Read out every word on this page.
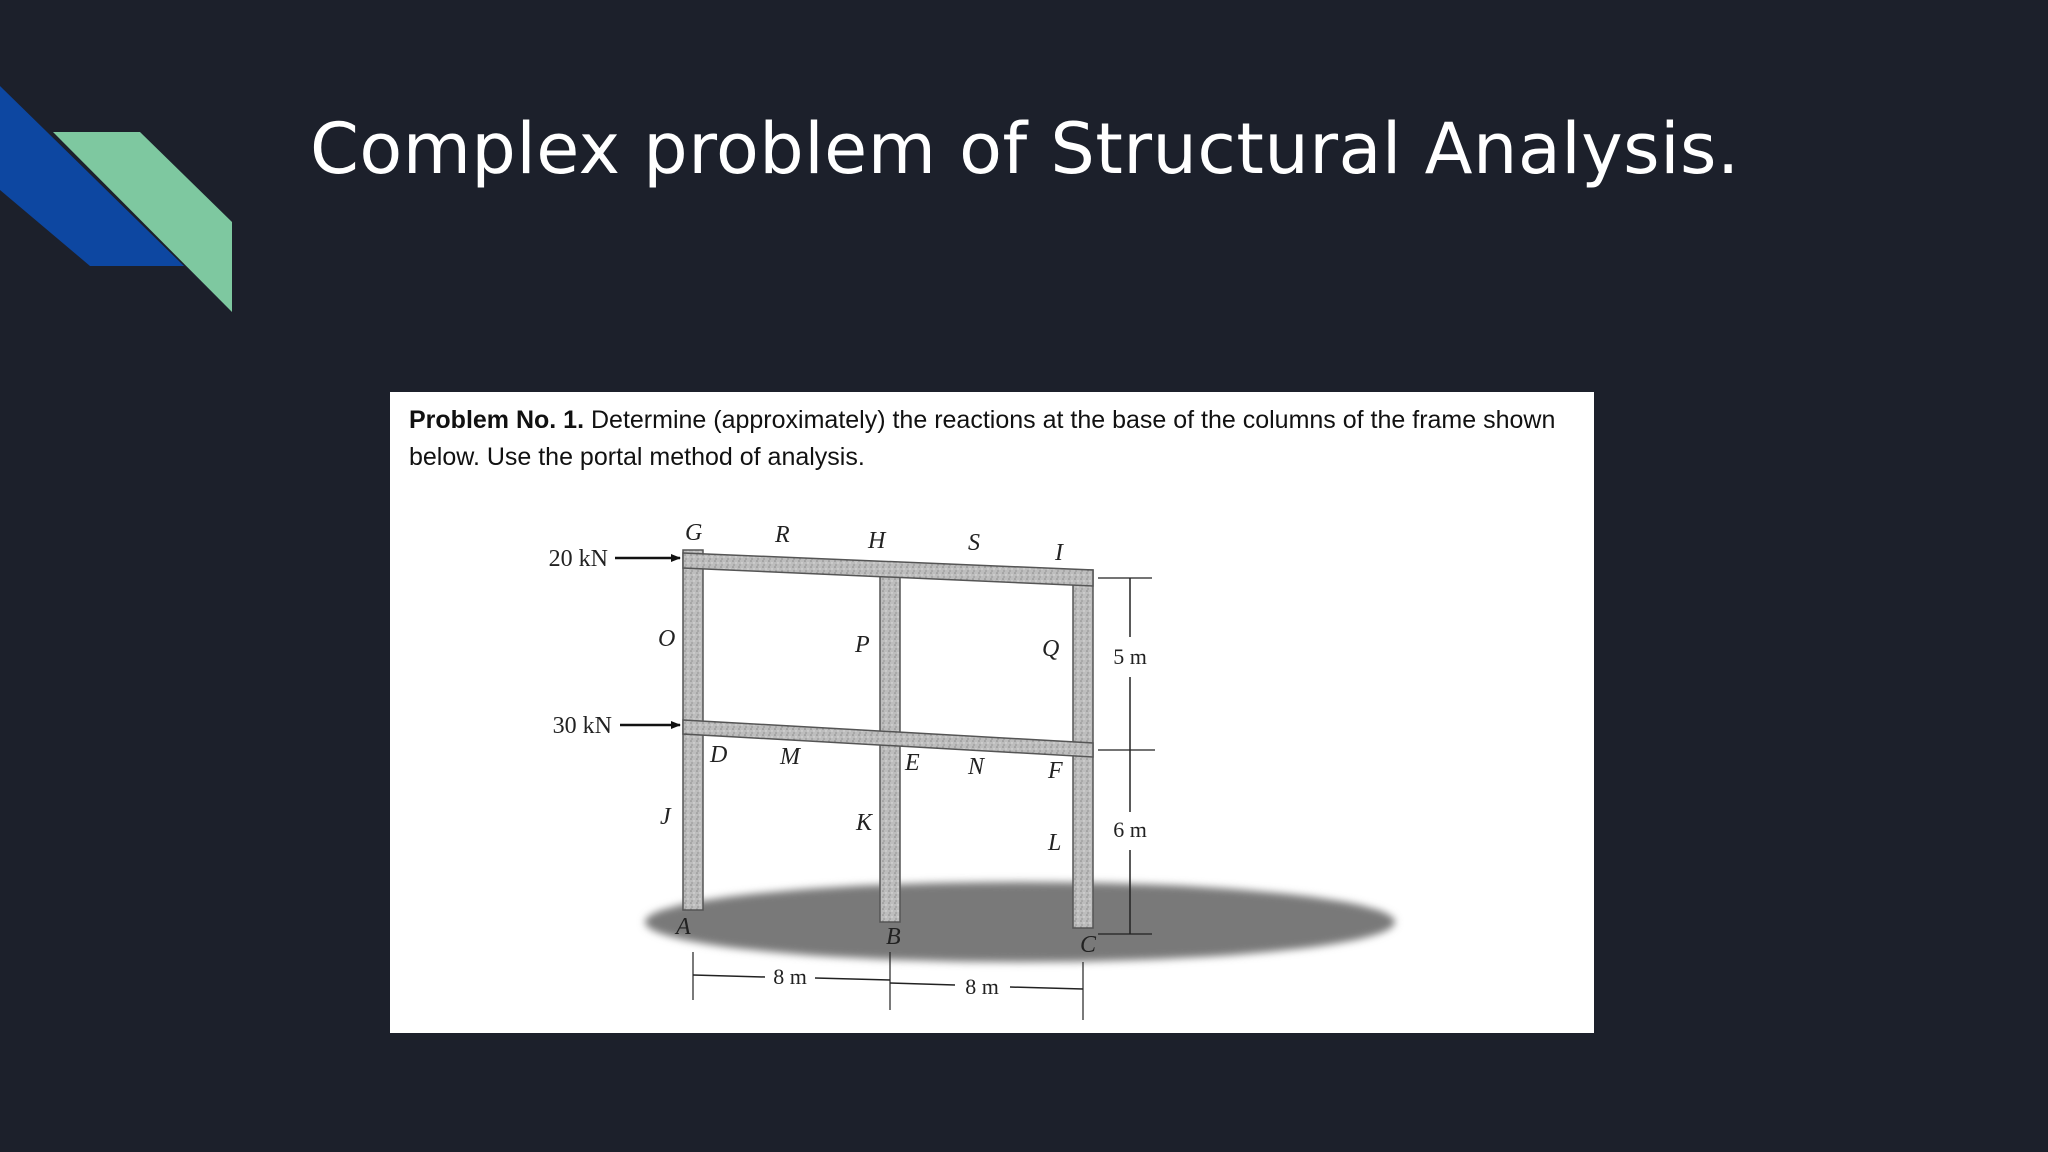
Complex problem of Structural Analysis.
Problem No. 1. Determine (approximately) the reactions at the base of the columns of the frame shown below. Use the portal method of analysis.
20 kN
30 kN
G	R	H	S	I
O	P	Q
D M	E N	F
J	K
L
A	B	C
5 m
6 m
8 m	8 m
